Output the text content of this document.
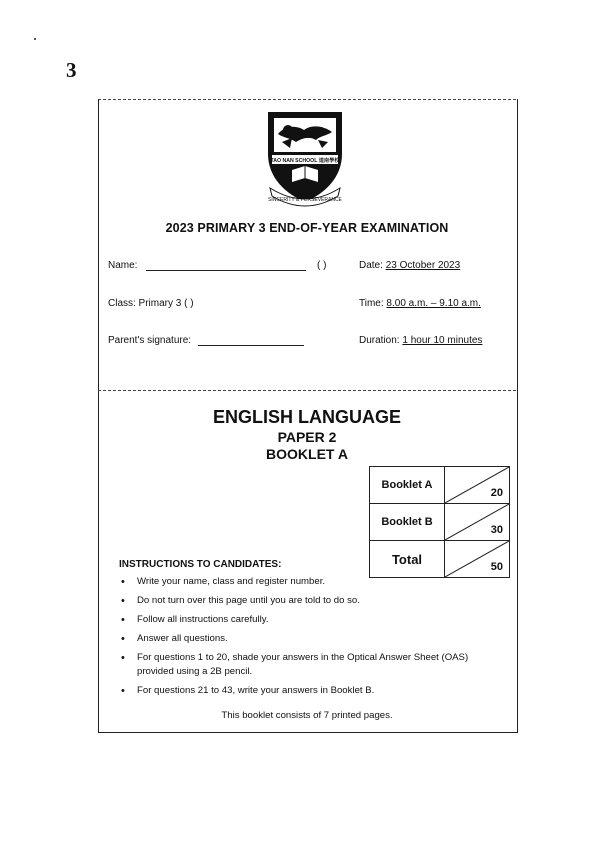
3
TAO NAN SCHOOL 道南學校
SINCERITY & PERSEVERANCE
2023 PRIMARY 3 END-OF-YEAR EXAMINATION
Name:	( )	Date: 23 October 2023
Class: Primary 3 ( )	Time: 8.00 a.m. – 9.10 a.m.
Parent's signature:	Duration: 1 hour 10 minutes
ENGLISH LANGUAGE
PAPER 2
BOOKLET A
Booklet A	20

Booklet B	30

Total	50
INSTRUCTIONS TO CANDIDATES:
• Write your name, class and register number.
• Do not turn over this page until you are told to do so.
• Follow all instructions carefully.
• Answer all questions.
• For questions 1 to 20, shade your answers in the Optical Answer Sheet (OAS) provided using a 2B pencil.
• For questions 21 to 43, write your answers in Booklet B.
This booklet consists of 7 printed pages.
